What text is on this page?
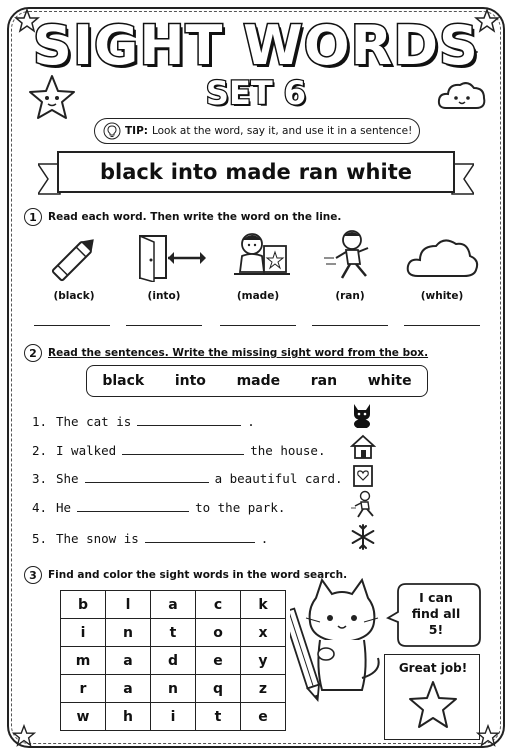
SIGHT WORDS
SET 6
TIP: Look at the word, say it, and use it in a sentence!
black into made ran white
1	Read each word. Then write the word on the line.
(black)	(into)	(made)	(ran)	(white)
2	Read the sentences. Write the missing sight word from the box.
black into made ran white
1. The cat is	.
2. I walked	the house.
3. She	a beautiful card.
4. He	to the park.
5. The snow is	.
3	Find and color the sight words in the word search.
b	l	a	c	k
i	n	t	o	x
m	a	d	e	y
r	a	n	q	z
w	h	i	t	e
I can
find all
5!
Great job!
